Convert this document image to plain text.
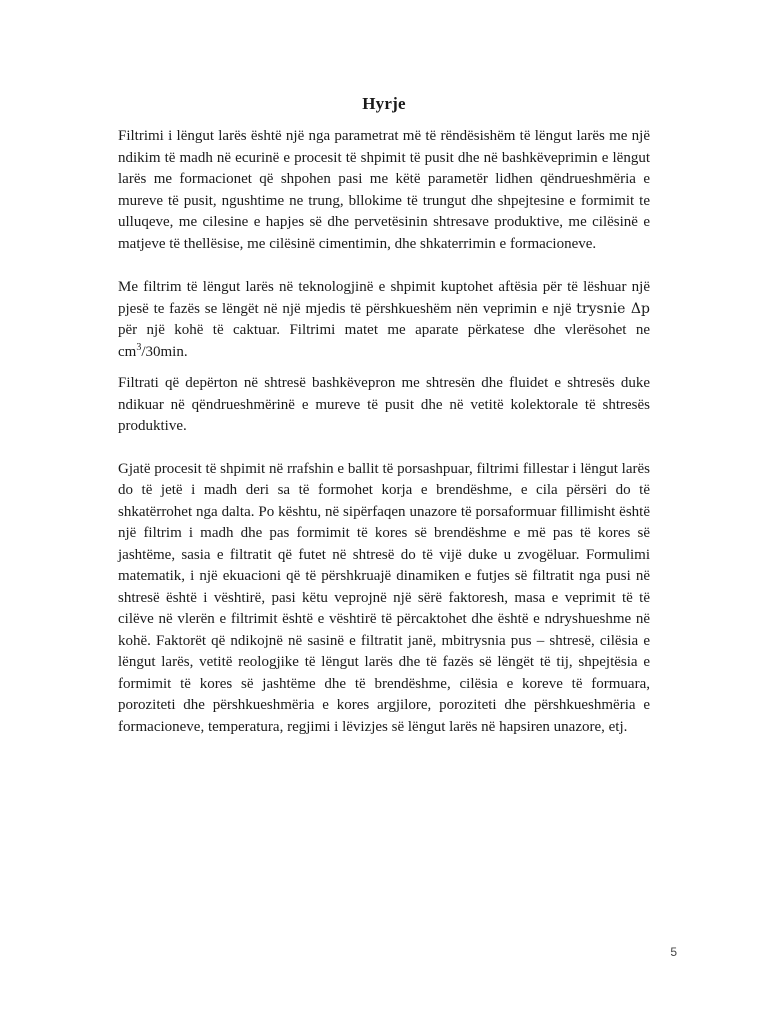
Hyrje

Filtrimi i lëngut larës është një nga parametrat më të rëndësishëm të lëngut larës me një ndikim të madh në ecurinë e procesit të shpimit të pusit dhe në bashkëveprimin e lëngut larës me formacionet që shpohen pasi me këtë parametër lidhen qëndrueshmëria e mureve të pusit, ngushtime ne trung, bllokime të trungut dhe shpejtesine e formimit te ulluqeve, me cilesine e hapjes së dhe pervetësinin shtresave produktive, me cilësinë e matjeve të thellësise, me cilësinë cimentimin, dhe shkaterrimin e formacioneve.

Me filtrim të lëngut larës në teknologjinë e shpimit kuptohet aftësia për të lëshuar një pjesë te fazës se lëngët në një mjedis të përshkueshëm nën veprimin e një trysnie Δp për një kohë të caktuar. Filtrimi matet me aparate përkatese dhe vlerësohet ne $cm^3/30\min$.

Filtrati që depërton në shtresë bashkëvepron me shtresën dhe fluidet e shtresës duke ndikuar në qëndrueshmërinë e mureve të pusit dhe në vetitë kolektorale të shtresës produktive.

Gjatë procesit të shpimit në rrafshin e ballit të porsashpuar, filtrimi fillestar i lëngut larës do të jetë i madh deri sa të formohet korja e brendëshme, e cila përsëri do të shkatërrohet nga dalta. Po kështu, në sipërfaqen unazore të porsaformuar fillimisht është një filtrim i madh dhe pas formimit të kores së brendëshme e më pas të kores së jashtëme, sasia e filtratit që futet në shtresë do të vijë duke u zvogëluar. Formulimi matematik, i një ekuacioni që të përshkruajë dinamiken e futjes së filtratit nga pusi në shtresë është i vështirë, pasi këtu veprojnë një sërë faktoresh, masa e veprimit të të cilëve në vlerën e filtrimit është e vështirë të përcaktohet dhe është e ndryshueshme në kohë. Faktorët që ndikojnë në sasinë e filtratit janë, mbitrysnia pus – shtresë, cilësia e lëngut larës, vetitë reologjike të lëngut larës dhe të fazës së lëngët të tij, shpejtësia e formimit të kores së jashtëme dhe të brendëshme, cilësia e koreve të formuara, poroziteti dhe përshkueshmëria e kores argjilore, poroziteti dhe përshkueshmëria e formacioneve, temperatura, regjimi i lëvizjes së lëngut larës në hapsiren unazore, etj.

5
